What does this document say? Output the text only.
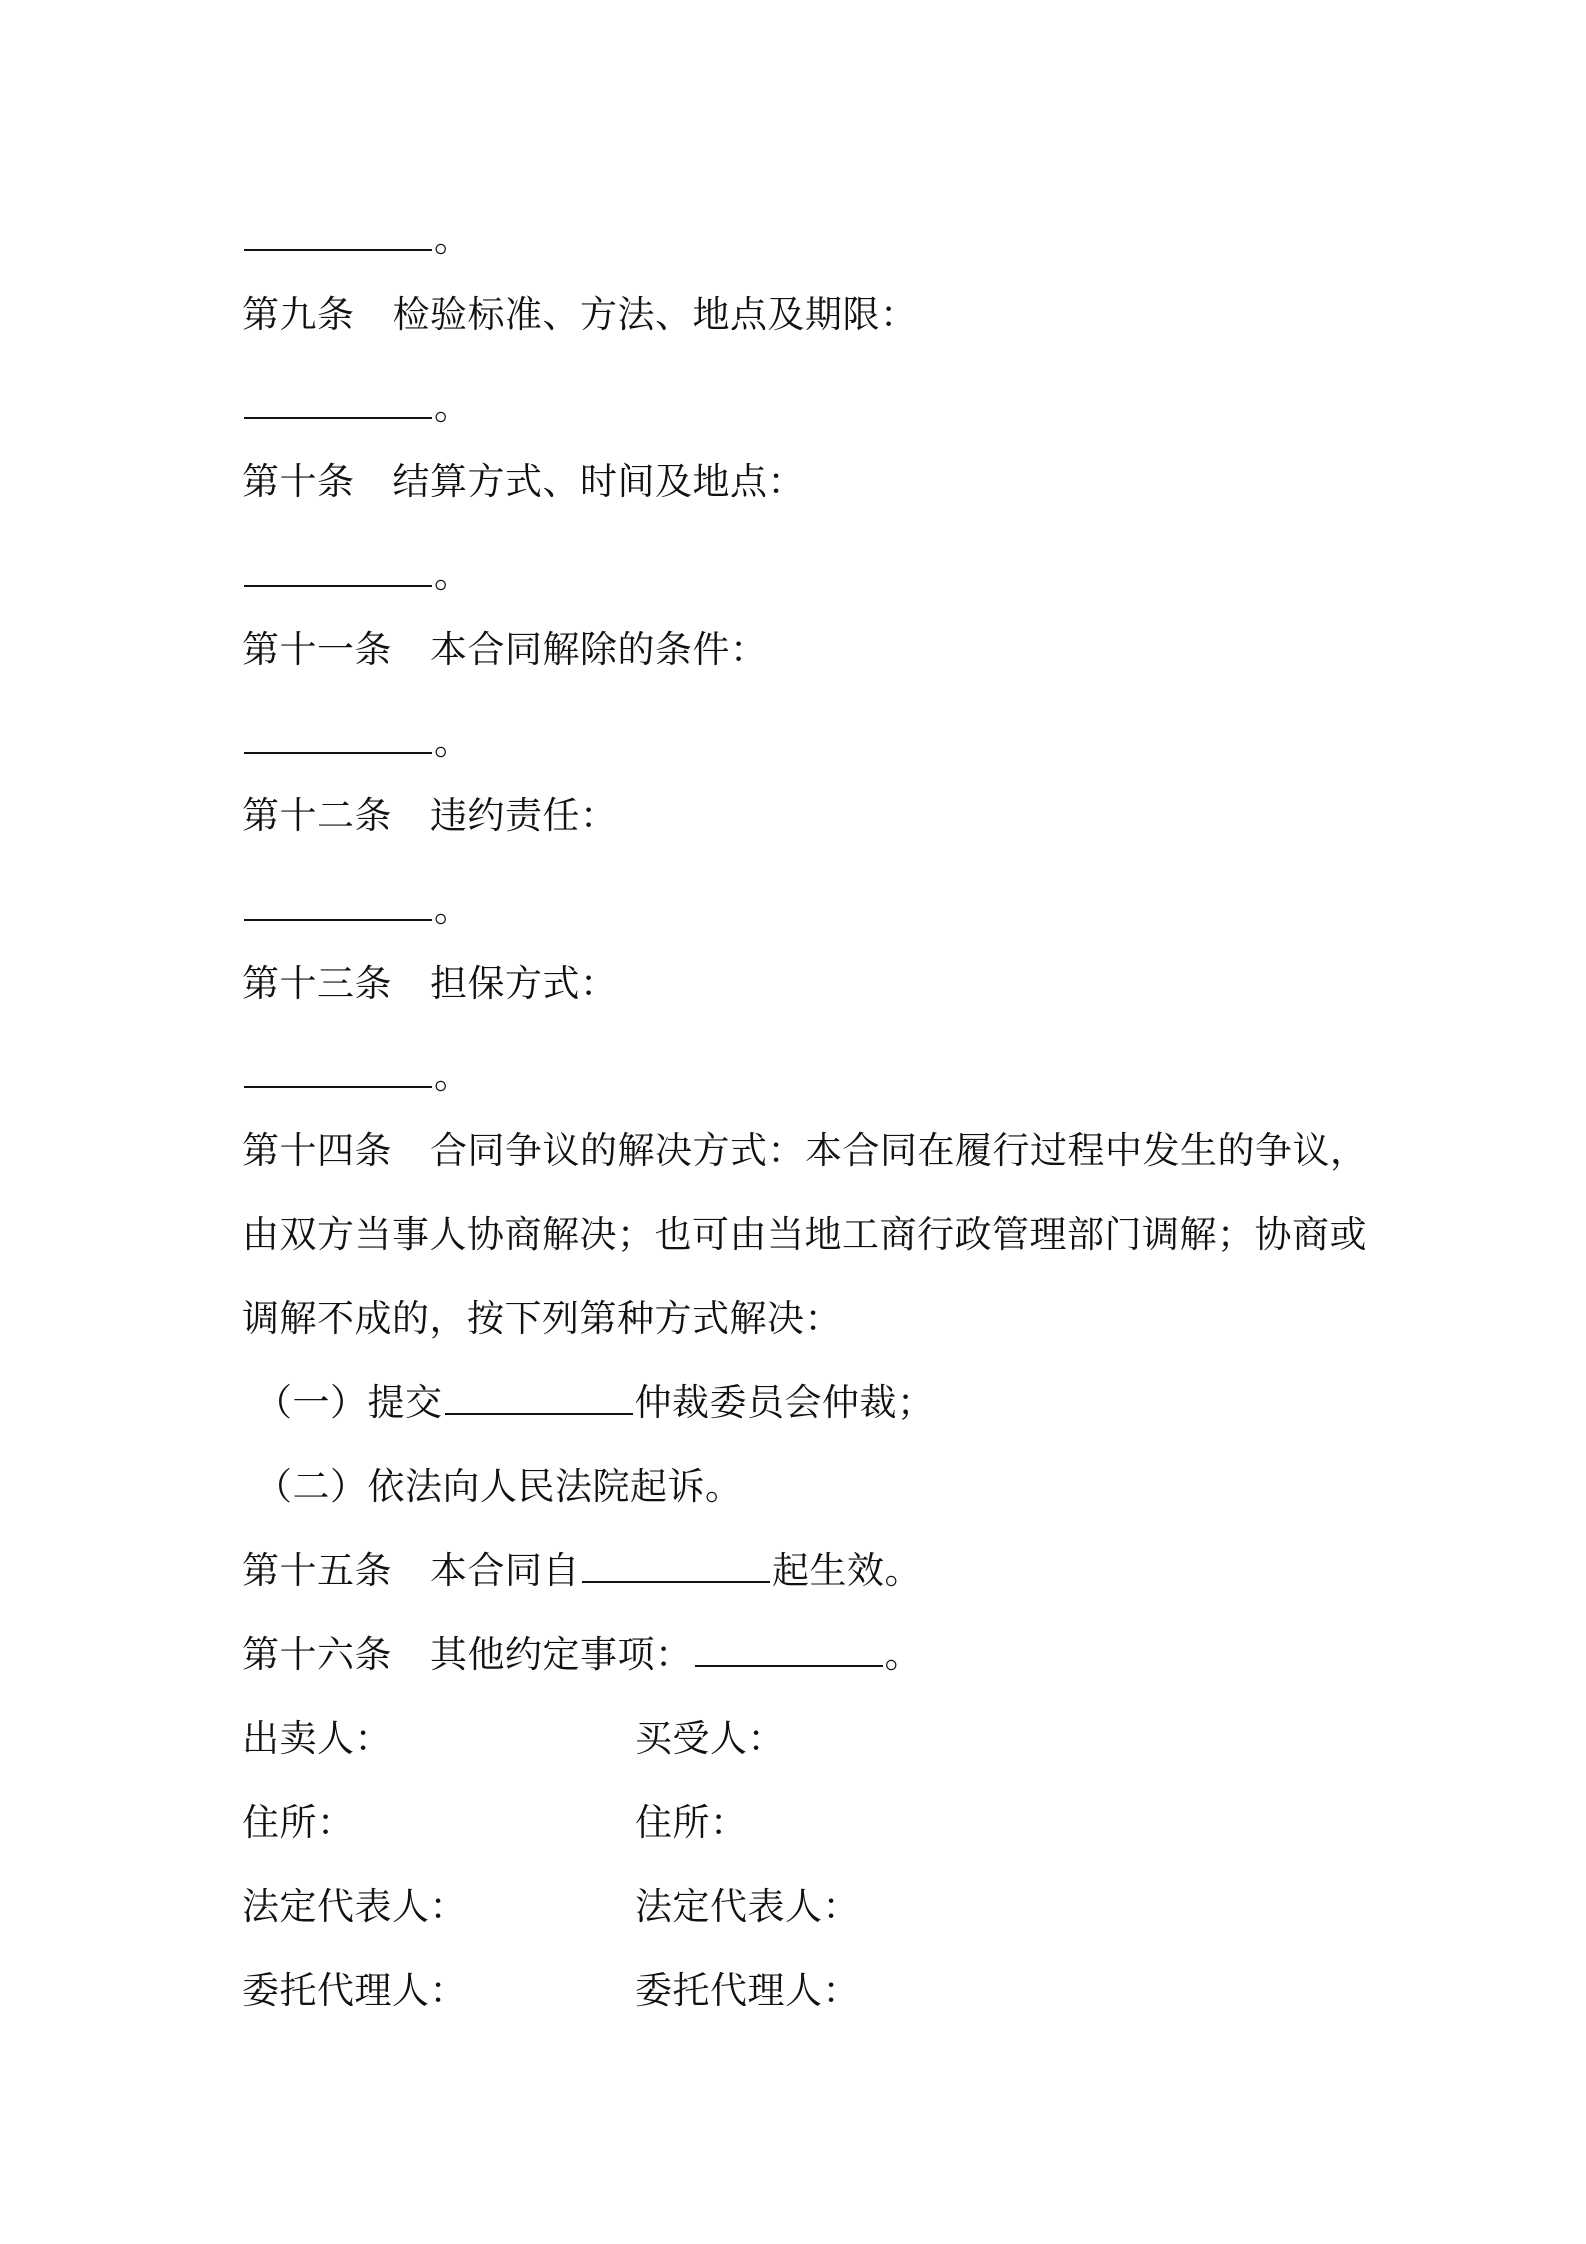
。
第九条 检验标准、方法、地点及期限：
。
第十条 结算方式、时间及地点：
。
第十一条 本合同解除的条件：
。
第十二条 违约责任：
。
第十三条 担保方式：
。
第十四条 合同争议的解决方式：本合同在履行过程中发生的争议，
由双方当事人协商解决；也可由当地工商行政管理部门调解；协商或
调解不成的，按下列第种方式解决：
（一）提交	仲裁委员会仲裁；
（二）依法向人民法院起诉。
第十五条 本合同自	起生效。
第十六条 其他约定事项：	。
出卖人：	买受人：
住所：	住所：
法定代表人：	法定代表人：
委托代理人：	委托代理人：
